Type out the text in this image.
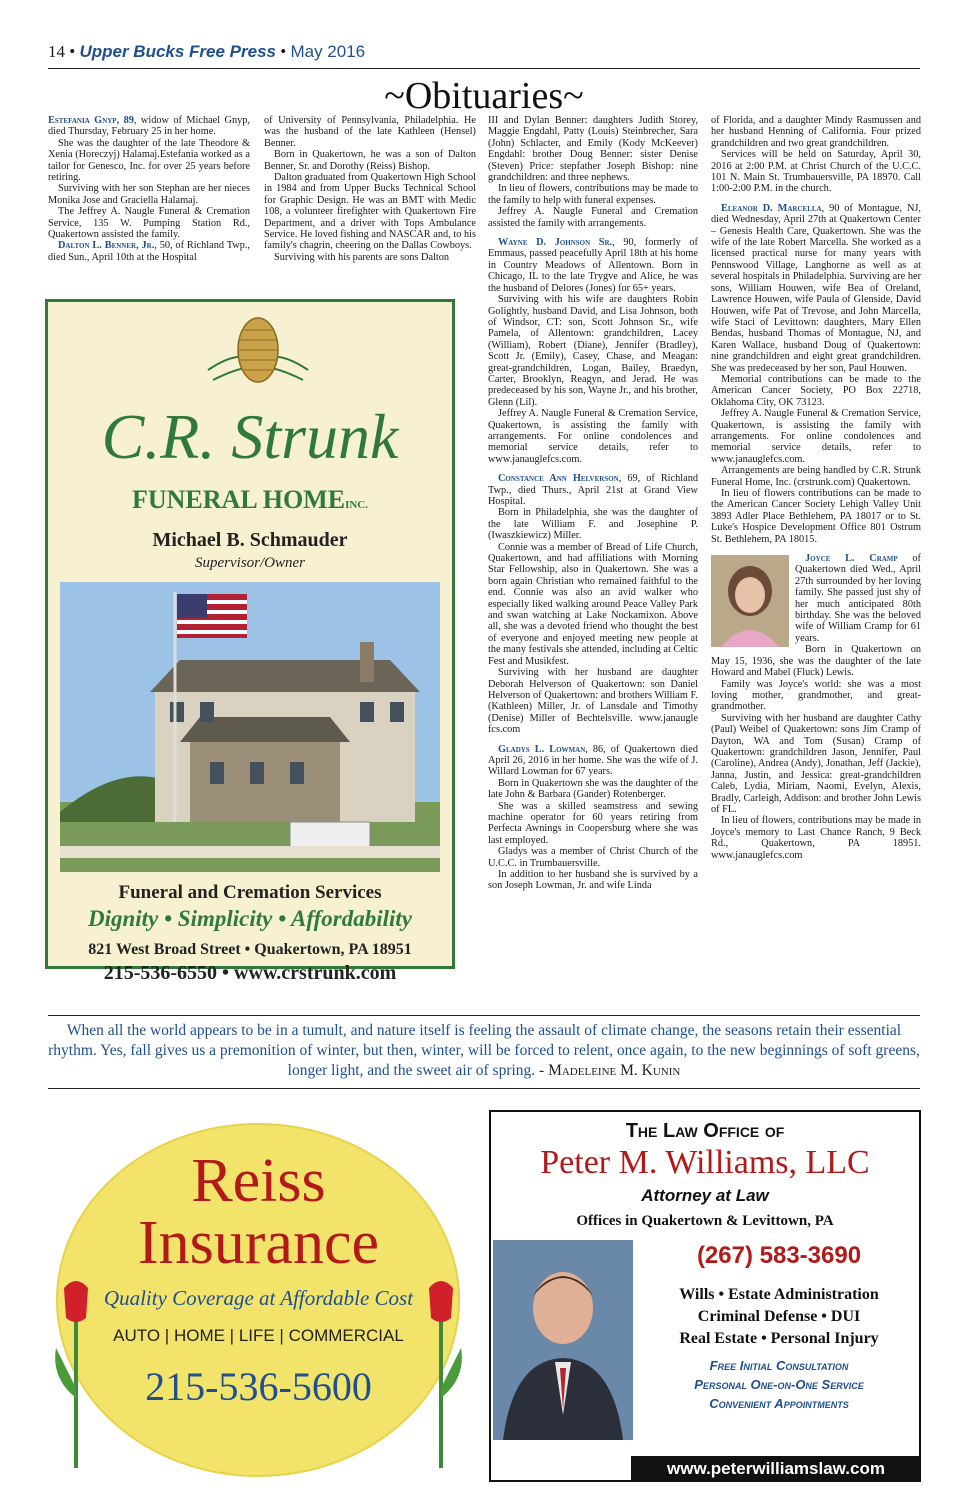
14 • Upper Bucks Free Press • May 2016
~Obituaries~

Estefania Gnyp, 89, widow of Michael Gnyp, died Thursday, February 25 in her home.

She was the daughter of the late Theodore & Xenia (Horeczyj) Halamaj.Estefania worked as a tailor for Genesco, Inc. for over 25 years before retiring.

Surviving with her son Stephan are her nieces Monika Jose and Graciella Halamaj.

The Jeffrey A. Naugle Funeral & Cremation Service, 135 W. Pumping Station Rd., Quakertown assisted the family.

Dalton L. Benner, Jr., 50, of Richland Twp., died Sun., April 10th at the Hospital

of University of Pennsylvania, Philadelphia. He was the husband of the late Kathleen (Hensel) Benner.

Born in Quakertown, he was a son of Dalton Benner, Sr. and Dorothy (Reiss) Bishop.

Dalton graduated from Quakertown High School in 1984 and from Upper Bucks Technical School for Graphic Design. He was an BMT with Medic 108, a volunteer firefighter with Quakertown Fire Department, and a driver with Tops Ambulance Service. He loved fishing and NASCAR and, to his family's chagrin, cheering on the Dallas Cowboys.

Surviving with his parents are sons Dalton

C.R. Strunk
FUNERAL HOMEINC.
Michael B. Schmauder
Supervisor/Owner
Funeral and Cremation Services
Dignity • Simplicity • Affordability
821 West Broad Street • Quakertown, PA 18951
215-536-6550 • www.crstrunk.com

III and Dylan Benner: daughters Judith Storey, Maggie Engdahl, Patty (Louis) Steinbrecher, Sara (John) Schlacter, and Emily (Kody McKeever) Engdahl: brother Doug Benner: sister Denise (Steven) Price: stepfather Joseph Bishop: nine grandchildren: and three nephews.

In lieu of flowers, contributions may be made to the family to help with funeral expenses.

Jeffrey A. Naugle Funeral and Cremation assisted the family with arrangements.

Wayne D. Johnson Sr., 90, formerly of Emmaus, passed peacefully April 18th at his home in Country Meadows of Allentown. Born in Chicago, IL to the late Trygve and Alice, he was the husband of Delores (Jones) for 65+ years.

Surviving with his wife are daughters Robin Golightly, husband David, and Lisa Johnson, both of Windsor, CT: son, Scott Johnson Sr., wife Pamela, of Allentown: grandchildren, Lacey (William), Robert (Diane), Jennifer (Bradley), Scott Jr. (Emily), Casey, Chase, and Meagan: great-grandchildren, Logan, Bailey, Braedyn, Carter, Brooklyn, Reagyn, and Jerad. He was predeceased by his son, Wayne Jr., and his brother, Glenn (Lil).

Jeffrey A. Naugle Funeral & Cremation Service, Quakertown, is assisting the family with arrangements. For online condolences and memorial service details, refer to www.janauglefcs.com.

Constance Ann Helverson, 69, of Richland Twp., died Thurs., April 21st at Grand View Hospital.

Born in Philadelphia, she was the daughter of the late William F. and Josephine P. (Iwaszkiewicz) Miller.

Connie was a member of Bread of Life Church, Quakertown, and had affiliations with Morning Star Fellowship, also in Quakertown. She was a born again Christian who remained faithful to the end. Connie was also an avid walker who especially liked walking around Peace Valley Park and swan watching at Lake Nockamixon. Above all, she was a devoted friend who thought the best of everyone and enjoyed meeting new people at the many festivals she attended, including at Celtic Fest and Musikfest.

Surviving with her husband are daughter Deborah Helverson of Quakertown: son Daniel Helverson of Quakertown: and brothers William F. (Kathleen) Miller, Jr. of Lansdale and Timothy (Denise) Miller of Bechtelsville. www.janaugle fcs.com

Gladys L. Lowman, 86, of Quakertown died April 26, 2016 in her home. She was the wife of J. Willard Lowman for 67 years.

Born in Quakertown she was the daughter of the late John & Barbara (Gander) Rotenberger.

She was a skilled seamstress and sewing machine operator for 60 years retiring from Perfecta Awnings in Coopersburg where she was last employed.

Gladys was a member of Christ Church of the U.C.C. in Trumbauersville.

In addition to her husband she is survived by a son Joseph Lowman, Jr. and wife Linda

of Florida, and a daughter Mindy Rasmussen and her husband Henning of California. Four prized grandchildren and two great grandchildren.

Services will be held on Saturday, April 30, 2016 at 2:00 P.M. at Christ Church of the U.C.C. 101 N. Main St. Trumbauersville, PA 18970. Call 1:00-2:00 P.M. in the church.

Eleanor D. Marcella, 90 of Montague, NJ, died Wednesday, April 27th at Quakertown Center – Genesis Health Care, Quakertown. She was the wife of the late Robert Marcella. She worked as a licensed practical nurse for many years with Pennswood Village, Langhorne as well as at several hospitals in Philadelphia. Surviving are her sons, William Houwen, wife Bea of Oreland, Lawrence Houwen, wife Paula of Glenside, David Houwen, wife Pat of Trevose, and John Marcella, wife Staci of Levittown: daughters, Mary Ellen Bendas, husband Thomas of Montague, NJ, and Karen Wallace, husband Doug of Quakertown: nine grandchildren and eight great grandchildren. She was predeceased by her son, Paul Houwen.

Memorial contributions can be made to the American Cancer Society, PO Box 22718, Oklahoma City, OK 73123.

Jeffrey A. Naugle Funeral & Cremation Service, Quakertown, is assisting the family with arrangements. For online condolences and memorial service details, refer to www.janauglefcs.com.

Arrangements are being handled by C.R. Strunk Funeral Home, Inc. (crstrunk.com) Quakertown.

In lieu of flowers contributions can be made to the American Cancer Society Lehigh Valley Unit 3893 Adler Place Bethlehem, PA 18017 or to St. Luke's Hospice Development Office 801 Ostrum St. Bethlehem, PA 18015.

Joyce L. Cramp of Quakertown died Wed., April 27th surrounded by her loving family. She passed just shy of her much anticipated 80th birthday. She was the beloved wife of William Cramp for 61 years.

Born in Quakertown on May 15, 1936, she was the daughter of the late Howard and Mabel (Fluck) Lewis.

Family was Joyce's world: she was a most loving mother, grandmother, and great-grandmother.

Surviving with her husband are daughter Cathy (Paul) Weibel of Quakertown: sons Jim Cramp of Dayton, WA and Tom (Susan) Cramp of Quakertown: grandchildren Jason, Jennifer, Paul (Caroline), Andrea (Andy), Jonathan, Jeff (Jackie), Janna, Justin, and Jessica: great-grandchildren Caleb, Lydia, Miriam, Naomi, Evelyn, Alexis, Bradly, Carleigh, Addison: and brother John Lewis of FL.

In lieu of flowers, contributions may be made in Joyce's memory to Last Chance Ranch, 9 Beck Rd., Quakertown, PA 18951. www.janauglefcs.com

When all the world appears to be in a tumult, and nature itself is feeling the assault of climate change, the seasons retain their essential rhythm. Yes, fall gives us a premonition of winter, but then, winter, will be forced to relent, once again, to the new beginnings of soft greens, longer light, and the sweet air of spring. - Madeleine M. Kunin
Reiss
Insurance
Quality Coverage at Affordable Cost
AUTO | HOME | LIFE | COMMERCIAL
215-536-5600
The Law Office of
Peter M. Williams, LLC
Attorney at Law
Offices in Quakertown & Levittown, PA
(267) 583-3690
Wills • Estate Administration
Criminal Defense • DUI
Real Estate • Personal Injury
Free Initial Consultation
Personal One-on-One Service
Convenient Appointments
www.peterwilliamslaw.com
